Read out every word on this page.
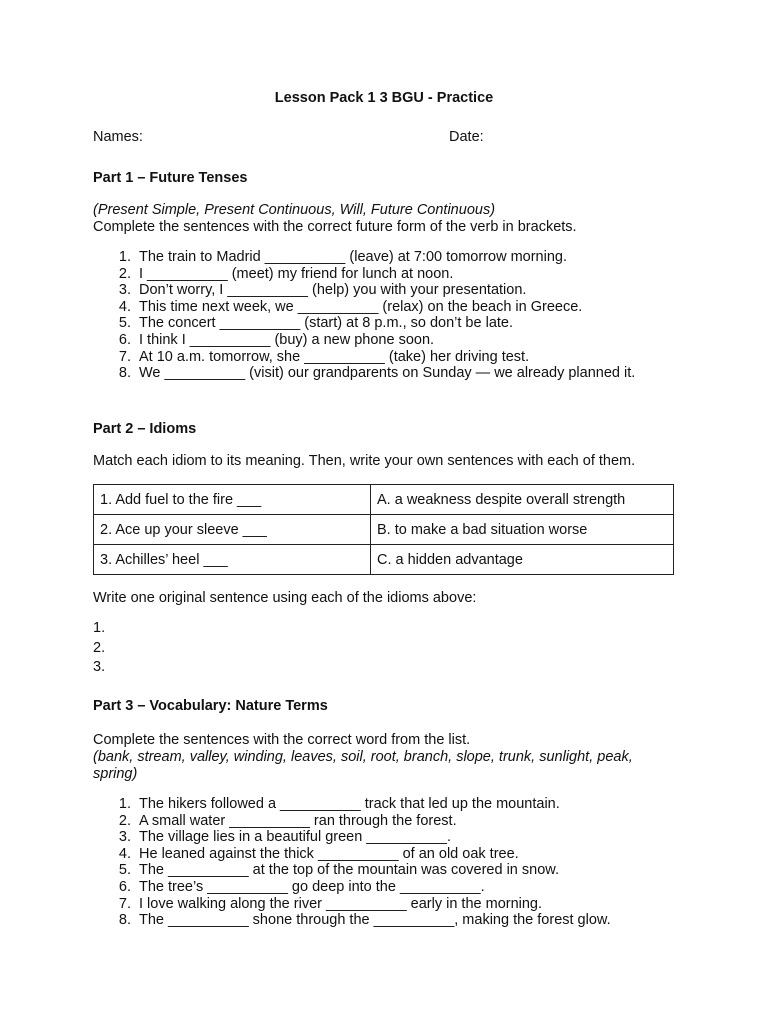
Lesson Pack 1 3 BGU - Practice
Names:	Date:
Part 1 – Future Tenses
(Present Simple, Present Continuous, Will, Future Continuous)
Complete the sentences with the correct future form of the verb in brackets.
1. The train to Madrid __________ (leave) at 7:00 tomorrow morning.
2. I __________ (meet) my friend for lunch at noon.
3. Don’t worry, I __________ (help) you with your presentation.
4. This time next week, we __________ (relax) on the beach in Greece.
5. The concert __________ (start) at 8 p.m., so don’t be late.
6. I think I __________ (buy) a new phone soon.
7. At 10 a.m. tomorrow, she __________ (take) her driving test.
8. We __________ (visit) our grandparents on Sunday — we already planned it.
Part 2 – Idioms
Match each idiom to its meaning. Then, write your own sentences with each of them.
1. Add fuel to the fire ___	A. a weakness despite overall strength
2. Ace up your sleeve ___	B. to make a bad situation worse
3. Achilles’ heel ___	C. a hidden advantage
Write one original sentence using each of the idioms above:
1.
2.
3.
Part 3 – Vocabulary: Nature Terms
Complete the sentences with the correct word from the list.
(bank, stream, valley, winding, leaves, soil, root, branch, slope, trunk, sunlight, peak,
spring)
1. The hikers followed a __________ track that led up the mountain.
2. A small water __________ ran through the forest.
3. The village lies in a beautiful green __________.
4. He leaned against the thick __________ of an old oak tree.
5. The __________ at the top of the mountain was covered in snow.
6. The tree’s __________ go deep into the __________.
7. I love walking along the river __________ early in the morning.
8. The __________ shone through the __________, making the forest glow.
